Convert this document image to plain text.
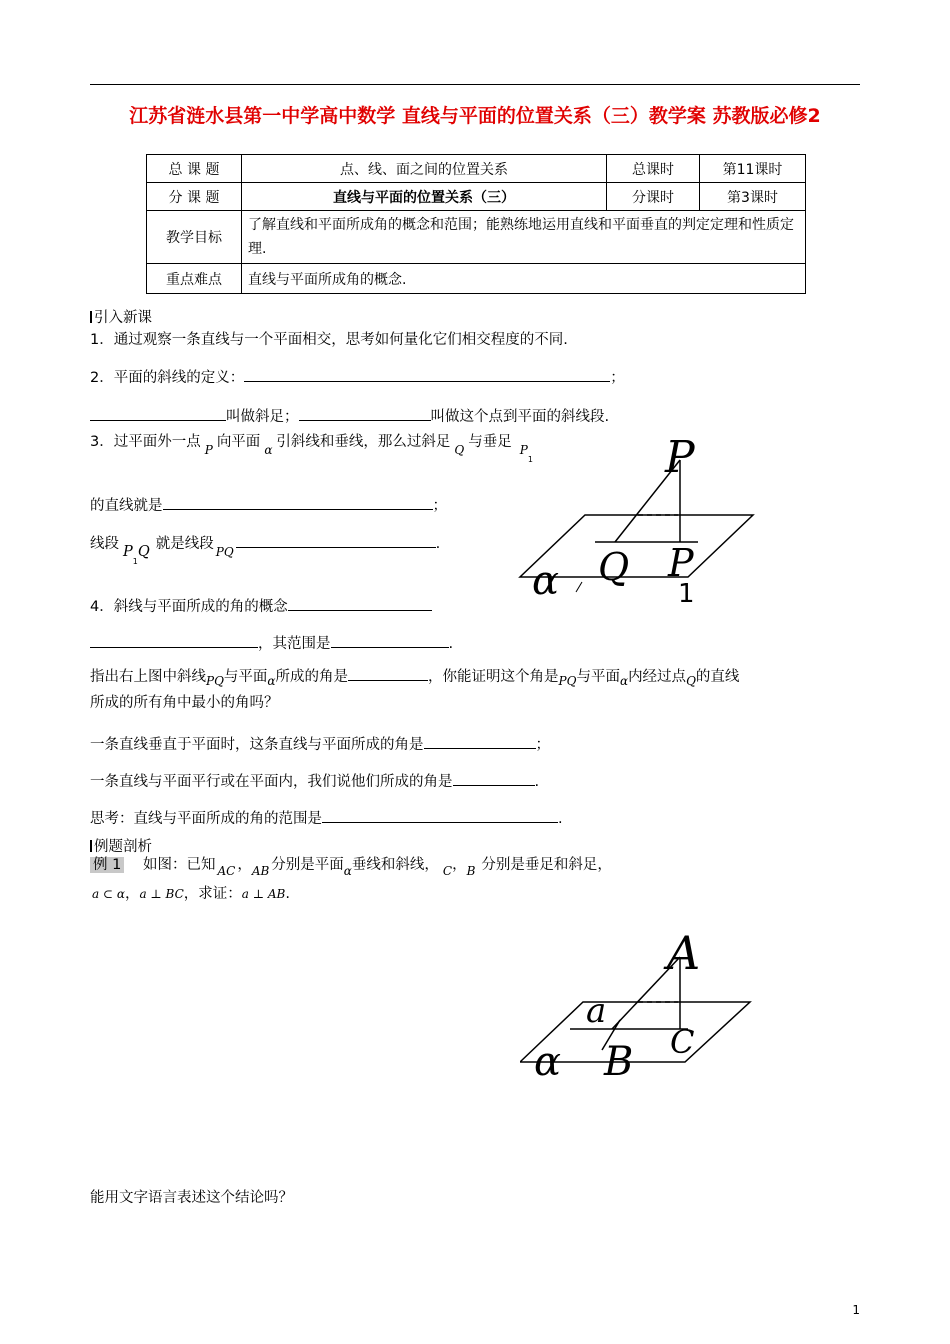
江苏省涟水县第一中学高中数学 直线与平面的位置关系（三）教学案 苏教版必修2
总 课 题	点、线、面之间的位置关系	总课时	第11课时
分 课 题	直线与平面的位置关系（三）	分课时	第3课时
教学目标	了解直线和平面所成角的概念和范围；能熟练地运用直线和平面垂直的判定定理和性质定理.		
重点难点	直线与平面所成角的概念.		
引入新课
1．通过观察一条直线与一个平面相交，思考如何量化它们相交程度的不同.
2．平面的斜线的定义：	；
叫做斜足；	叫做这个点到平面的斜线段.
3．过平面外一点 $_P$ 向平面 $_\alpha$ 引斜线和垂线，那么过斜足 $_Q$ 与垂足 $_{P1}$
的直线就是	；
线段 $P_1Q$ 就是线段 $_{PQ}$	.
4．斜线与平面所成的角的概念
，其范围是	.
指出右上图中斜线$_{PQ}$与平面$_\alpha$所成的角是	，你能证明这个角是$_{PQ}$与平面$_\alpha$内经过点$_Q$的直线
所成的所有角中最小的角吗？
一条直线垂直于平面时，这条直线与平面所成的角是	；
一条直线与平面平行或在平面内，我们说他们所成的角是	.
思考：直线与平面所成的角的范围是	.
例题剖析
例 1 如图：已知 $_{AC}$ ，$_{AB}$ 分别是平面$_\alpha$垂线和斜线， $_C$，$_B$ 分别是垂足和斜足，
a ⊂ α，a ⊥ BC，求证：a ⊥ AB.
P
Q P
1
α
A
a
B C
α
能用文字语言表述这个结论吗？
1
